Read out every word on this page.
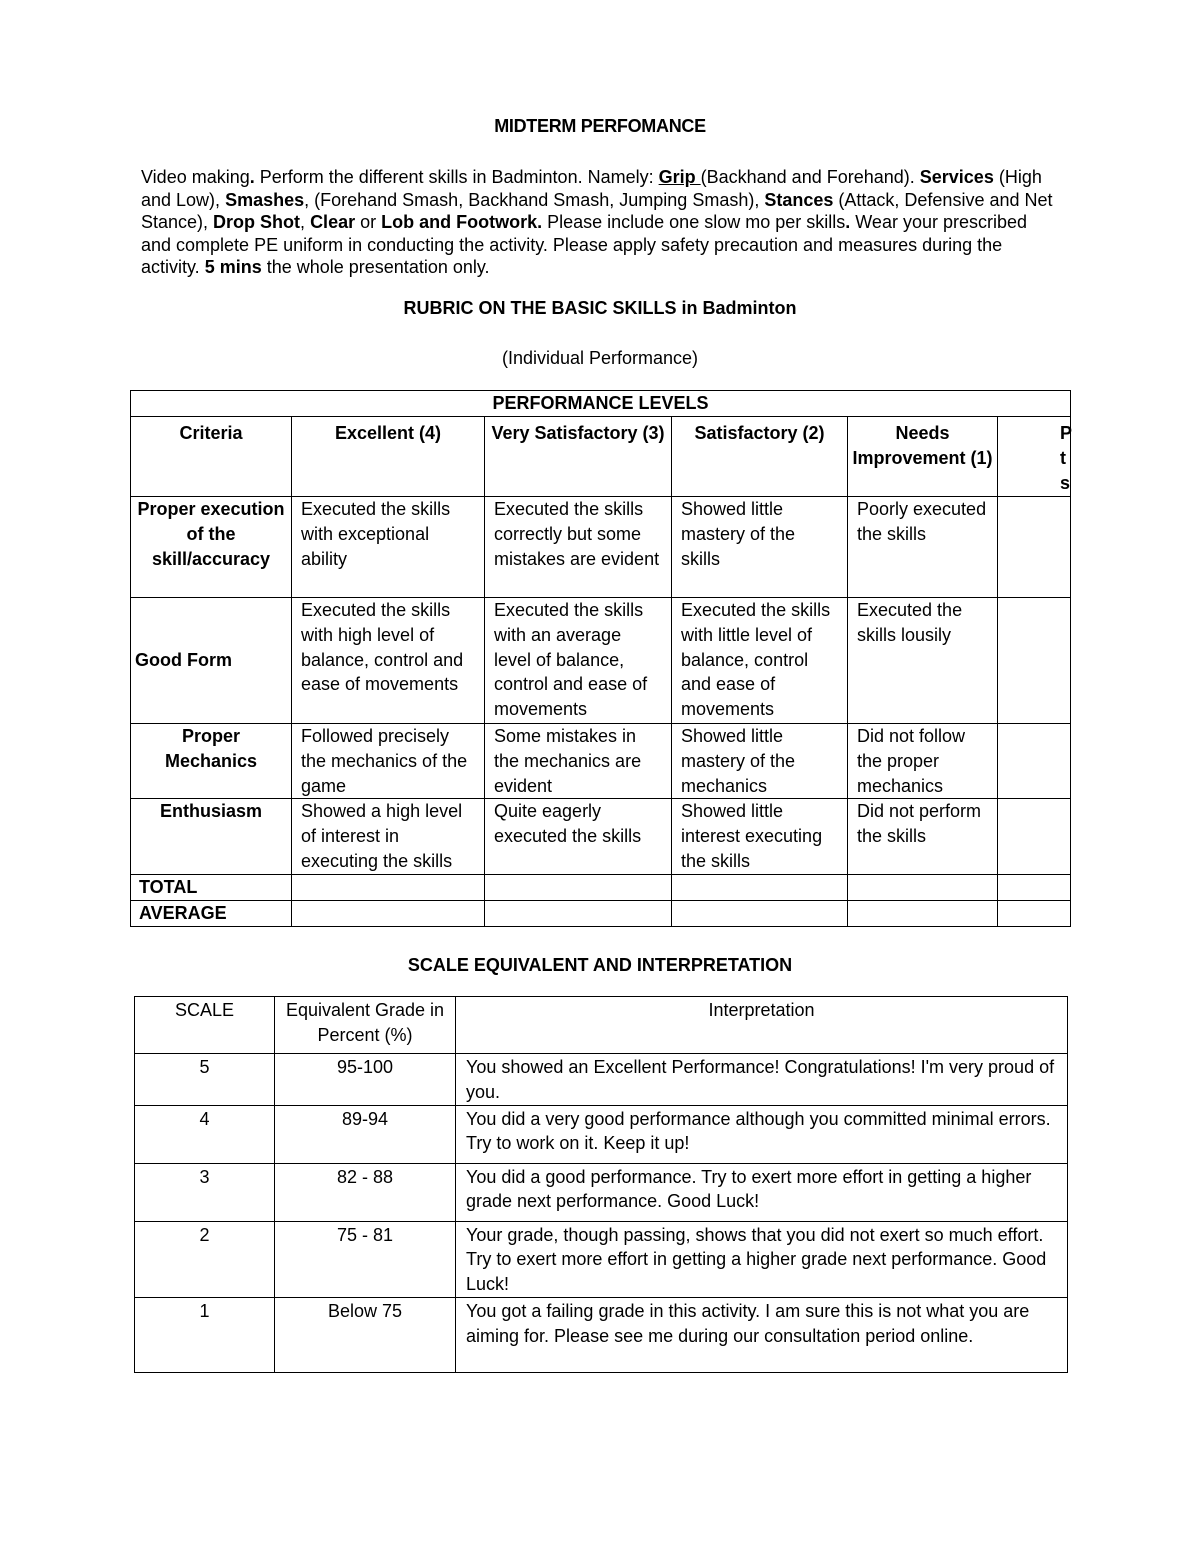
MIDTERM PERFOMANCE
Video making. Perform the different skills in Badminton. Namely: Grip (Backhand and Forehand). Services (High and Low), Smashes, (Forehand Smash, Backhand Smash, Jumping Smash), Stances (Attack, Defensive and Net Stance), Drop Shot, Clear or Lob and Footwork. Please include one slow mo per skills. Wear your prescribed and complete PE uniform in conducting the activity. Please apply safety precaution and measures during the activity. 5 mins the whole presentation only.
RUBRIC ON THE BASIC SKILLS in Badminton
(Individual Performance)
PERFORMANCE LEVELS					
Criteria	Excellent (4)	Very Satisfactory (3)	Satisfactory (2)	Needs Improvement (1)	Pts
Proper execution of the skill/accuracy	Executed the skills with exceptional ability	Executed the skills correctly but some mistakes are evident	Showed little mastery of the skills	Poorly executed the skills	
Good Form	Executed the skills with high level of balance, control and ease of movements	Executed the skills with an average level of balance, control and ease of movements	Executed the skills with little level of balance, control and ease of movements	Executed the skills lousily	
Proper Mechanics	Followed precisely the mechanics of the game	Some mistakes in the mechanics are evident	Showed little mastery of the mechanics	Did not follow the proper mechanics	
Enthusiasm	Showed a high level of interest in executing the skills	Quite eagerly executed the skills	Showed little interest executing the skills	Did not perform the skills	
TOTAL					
AVERAGE					
SCALE EQUIVALENT AND INTERPRETATION
SCALE	Equivalent Grade in Percent (%)	Interpretation
5	95-100	You showed an Excellent Performance! Congratulations! I'm very proud of you.
4	89-94	You did a very good performance although you committed minimal errors. Try to work on it. Keep it up!
3	82 - 88	You did a good performance. Try to exert more effort in getting a higher grade next performance. Good Luck!
2	75 - 81	Your grade, though passing, shows that you did not exert so much effort. Try to exert more effort in getting a higher grade next performance. Good Luck!
1	Below 75	You got a failing grade in this activity. I am sure this is not what you are aiming for. Please see me during our consultation period online.
